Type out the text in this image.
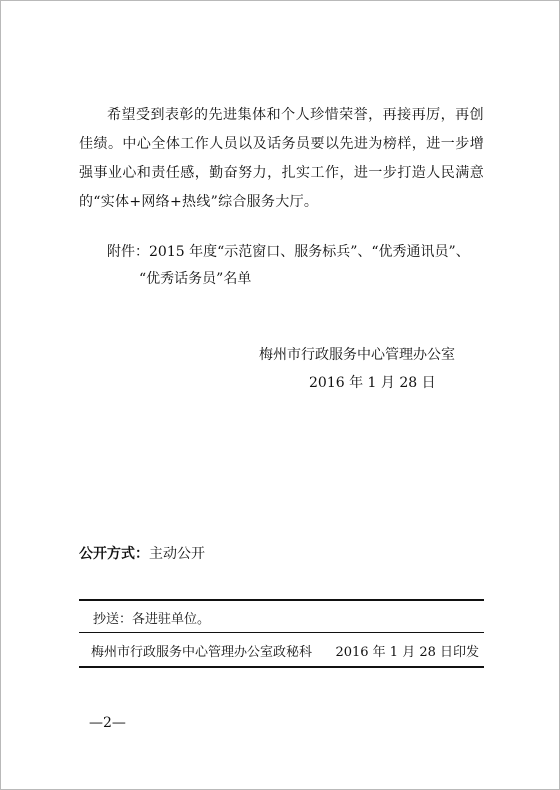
希望受到表彰的先进集体和个人珍惜荣誉，再接再厉，再创佳绩。中心全体工作人员以及话务员要以先进为榜样，进一步增强事业心和责任感，勤奋努力，扎实工作，进一步打造人民满意的“实体+网络+热线”综合服务大厅。
附件：2015 年度“示范窗口、服务标兵”、“优秀通讯员”、
“优秀话务员”名单
梅州市行政服务中心管理办公室
2016 年 1 月 28 日
公开方式：主动公开
抄送：各进驻单位。
梅州市行政服务中心管理办公室政秘科 2016 年 1 月 28 日印发
—2—
